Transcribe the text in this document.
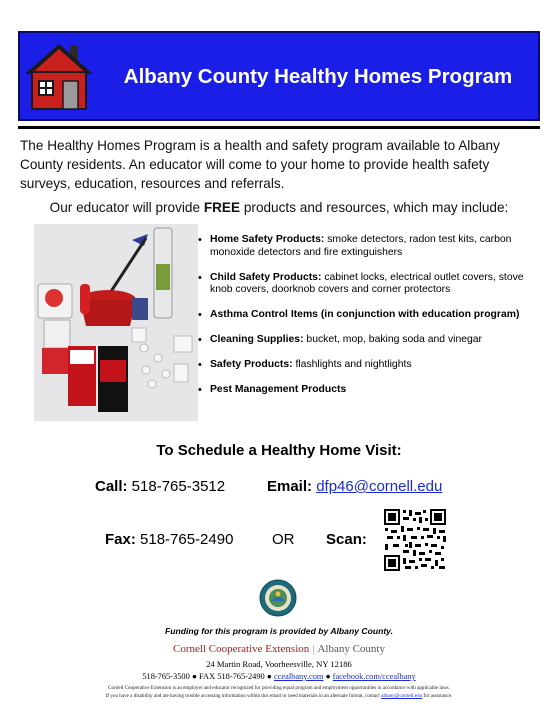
Albany County Healthy Homes Program

The Healthy Homes Program is a health and safety program available to Albany County residents. An educator will come to your home to provide health safety surveys, education, resources and referrals.

Our educator will provide FREE products and resources, which may include:

• Home Safety Products: smoke detectors, radon test kits, carbon monoxide detectors and fire extinguishers
• Child Safety Products: cabinet locks, electrical outlet covers, stove knob covers, doorknob covers and corner protectors
• Asthma Control Items (in conjunction with education program)
• Cleaning Supplies: bucket, mop, baking soda and vinegar
• Safety Products: flashlights and nightlights
• Pest Management Products
To Schedule a Healthy Home Visit:
Call: 518-765-3512	Email: dfp46@cornell.edu
Fax: 518-765-2490	OR Scan:
Funding for this program is provided by Albany County.
Cornell Cooperative Extension | Albany County
24 Martin Road, Voorheesville, NY 12186
518-765-3500 ● FAX 518-765-2490 ● ccealbany.com ● facebook.com/ccealbany
Cornell Cooperative Extension is an employer and educator recognized for providing equal program and employment opportunities in accordance with applicable laws.
If you have a disability and are having trouble accessing information within this email or need materials in an alternate format, contact albany@cornell.edu for assistance.
